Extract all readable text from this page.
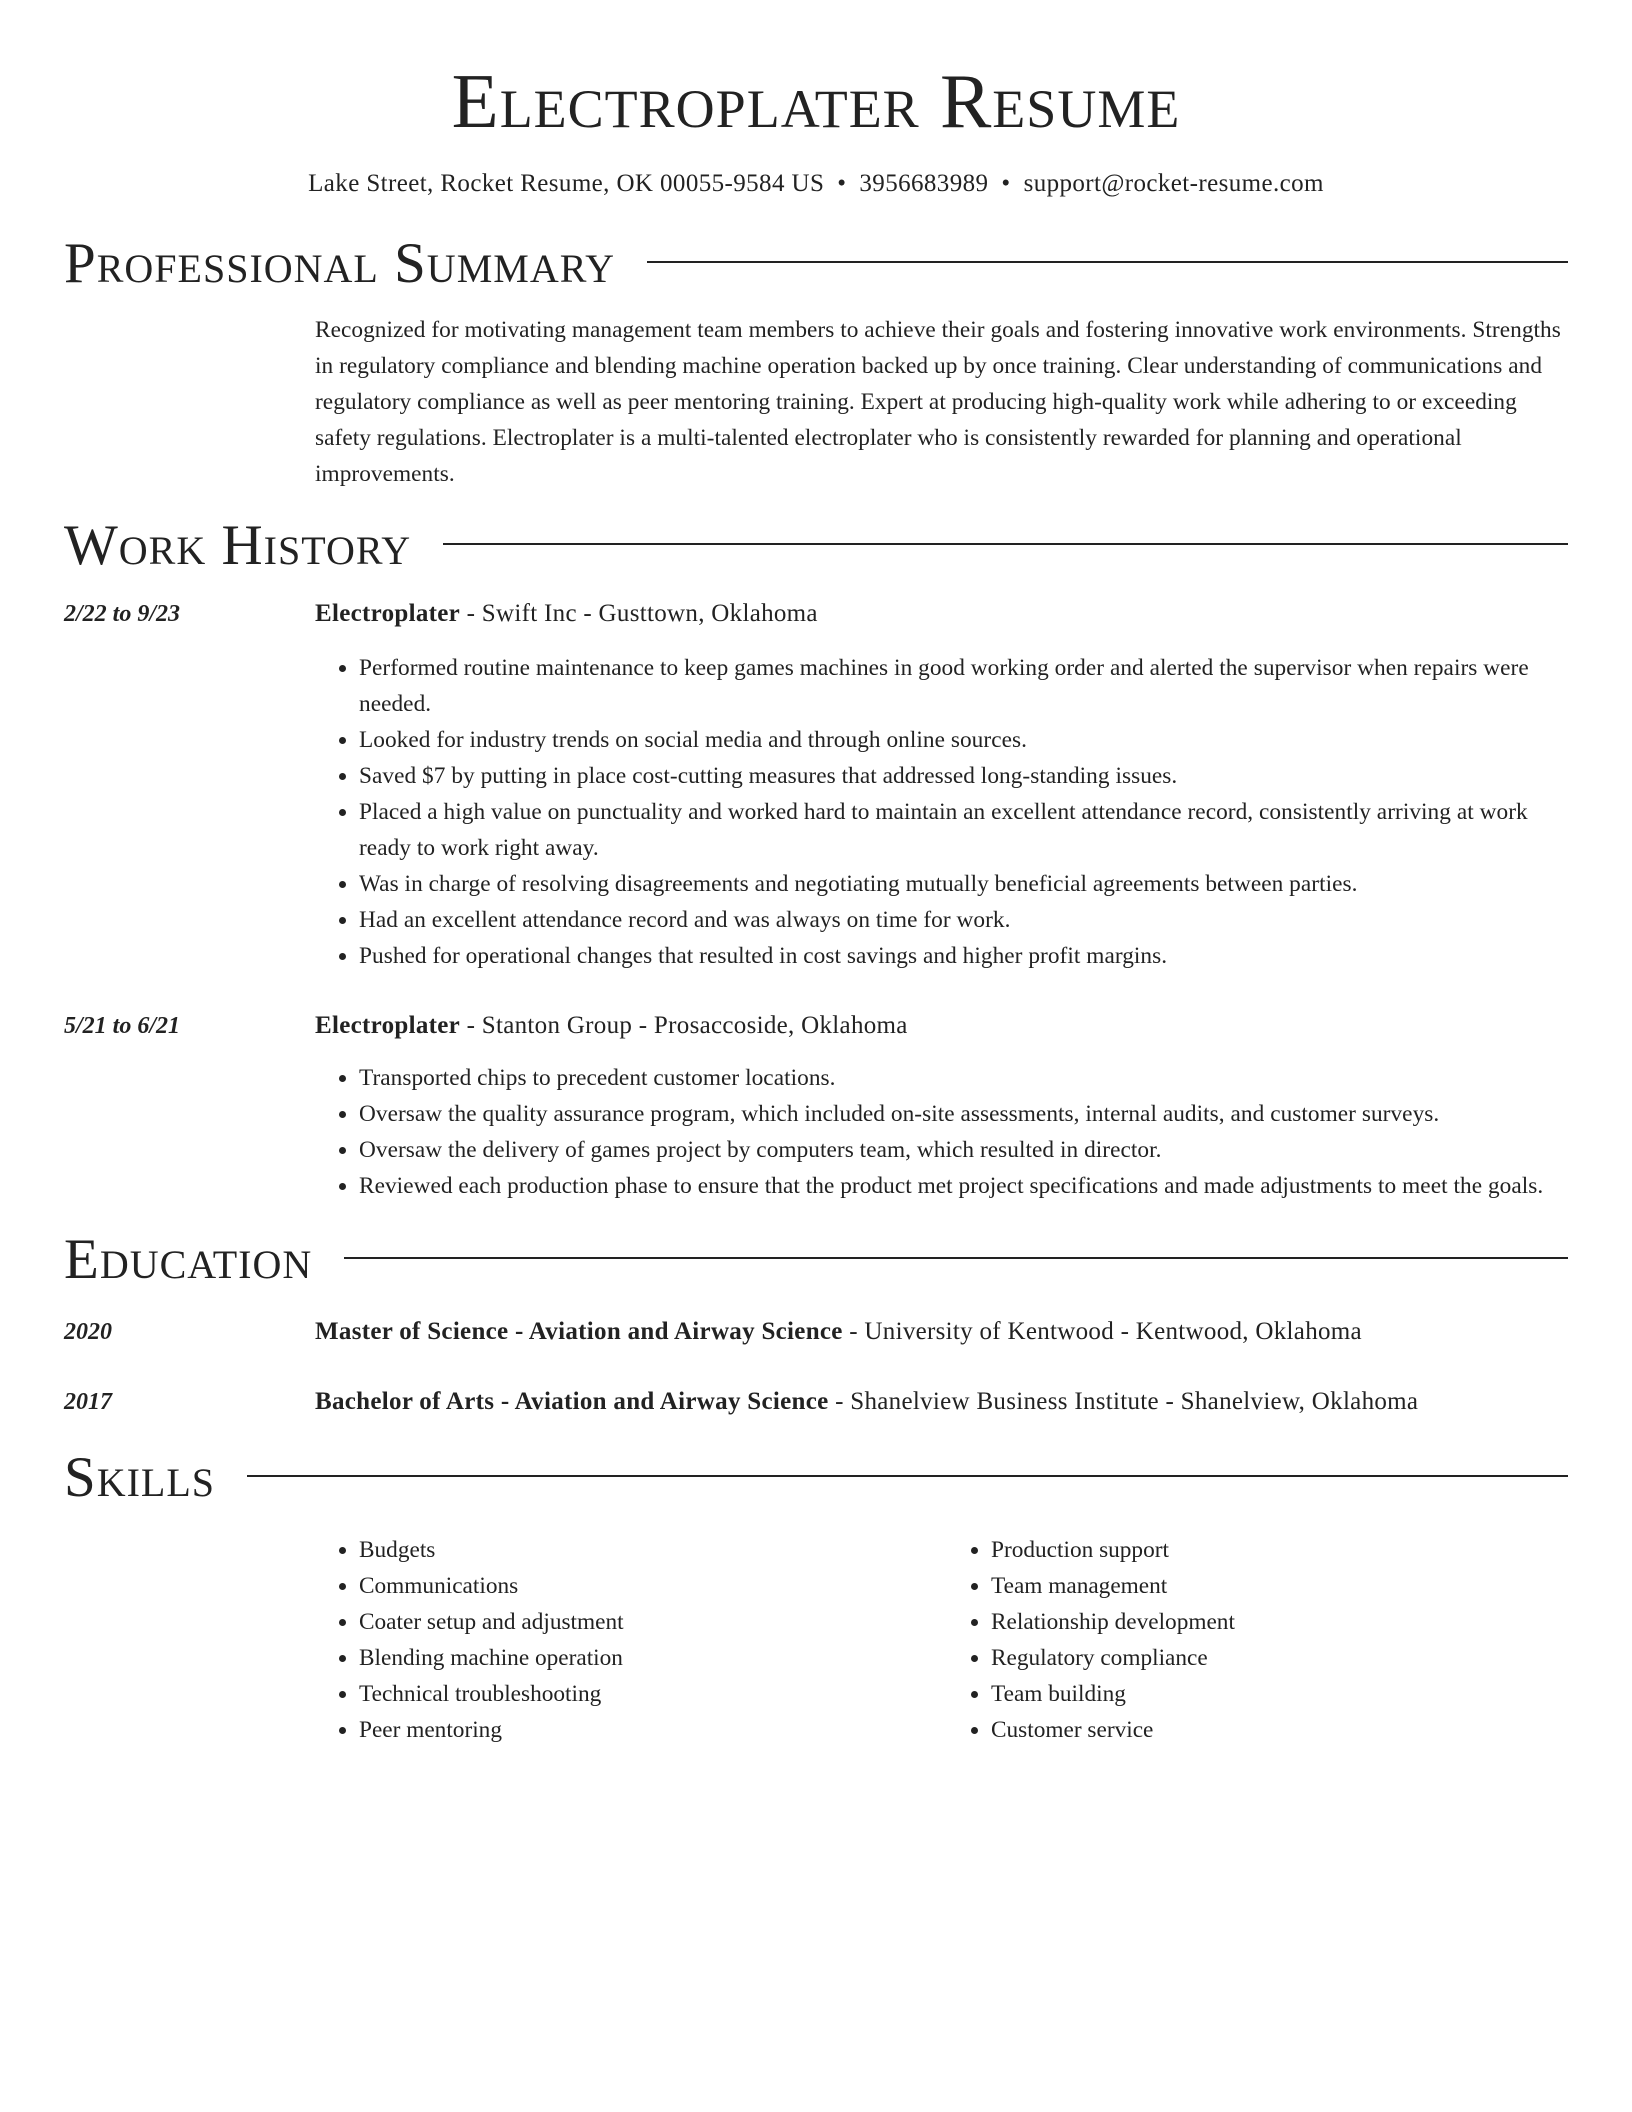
Electroplater Resume
Lake Street, Rocket Resume, OK 00055-9584 US • 3956683989 • support@rocket-resume.com
Professional Summary
Recognized for motivating management team members to achieve their goals and fostering innovative work environments. Strengths in regulatory compliance and blending machine operation backed up by once training. Clear understanding of communications and regulatory compliance as well as peer mentoring training. Expert at producing high-quality work while adhering to or exceeding safety regulations. Electroplater is a multi-talented electroplater who is consistently rewarded for planning and operational improvements.
Work History
2/22 to 9/23	Electroplater - Swift Inc - Gusttown, Oklahoma
• Performed routine maintenance to keep games machines in good working order and alerted the supervisor when repairs were needed.
• Looked for industry trends on social media and through online sources.
• Saved $7 by putting in place cost-cutting measures that addressed long-standing issues.
• Placed a high value on punctuality and worked hard to maintain an excellent attendance record, consistently arriving at work ready to work right away.
• Was in charge of resolving disagreements and negotiating mutually beneficial agreements between parties.
• Had an excellent attendance record and was always on time for work.
• Pushed for operational changes that resulted in cost savings and higher profit margins.
5/21 to 6/21	Electroplater - Stanton Group - Prosaccoside, Oklahoma
• Transported chips to precedent customer locations.
• Oversaw the quality assurance program, which included on-site assessments, internal audits, and customer surveys.
• Oversaw the delivery of games project by computers team, which resulted in director.
• Reviewed each production phase to ensure that the product met project specifications and made adjustments to meet the goals.
Education
2020	Master of Science - Aviation and Airway Science - University of Kentwood - Kentwood, Oklahoma
2017	Bachelor of Arts - Aviation and Airway Science - Shanelview Business Institute - Shanelview, Oklahoma
Skills
• Budgets
• Communications
• Coater setup and adjustment
• Blending machine operation
• Technical troubleshooting
• Peer mentoring
• Production support
• Team management
• Relationship development
• Regulatory compliance
• Team building
• Customer service
